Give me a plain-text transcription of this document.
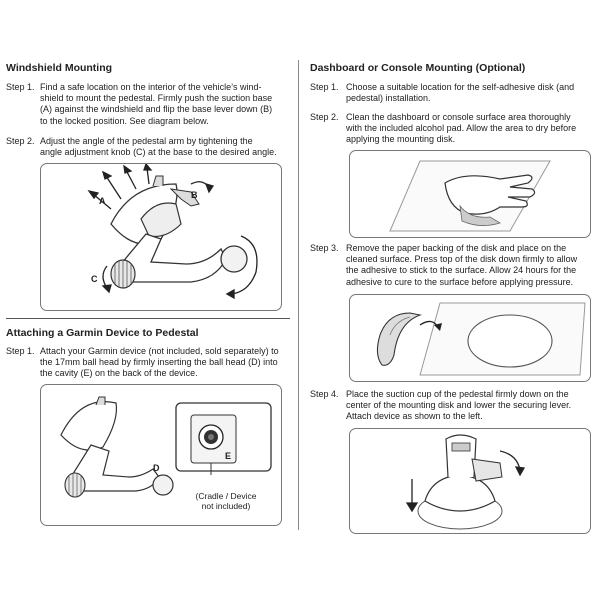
Windshield Mounting
Step 1. Find a safe location on the interior of the vehicle’s wind-
shield to mount the pedestal. Firmly push the suction base
(A) against the windshield and flip the base lever down (B)
to the locked position. See diagram below.
Step 2. Adjust the angle of the pedestal arm by tightening the
angle adjustment knob (C) at the base to the desired angle.
A
B
C
Attaching a Garmin Device to Pedestal
Step 1. Attach your Garmin device (not included, sold separately) to
the 17mm ball head by firmly inserting the ball head (D) into
the cavity (E) on the back of the device.
D
E
(Cradle / Device
not included)
Dashboard or Console Mounting (Optional)
Step 1. Choose a suitable location for the self-adhesive disk (and
pedestal) installation.
Step 2. Clean the dashboard or console surface area thoroughly
with the included alcohol pad. Allow the area to dry before
applying the mounting disk.
Step 3. Remove the paper backing of the disk and place on the
cleaned surface. Press top of the disk down firmly to allow
the adhesive to stick to the surface. Allow 24 hours for the
adhesive to cure to the surface before applying pressure.
Step 4. Place the suction cup of the pedestal firmly down on the
center of the mounting disk and lower the securing lever.
Attach device as shown to the left.
